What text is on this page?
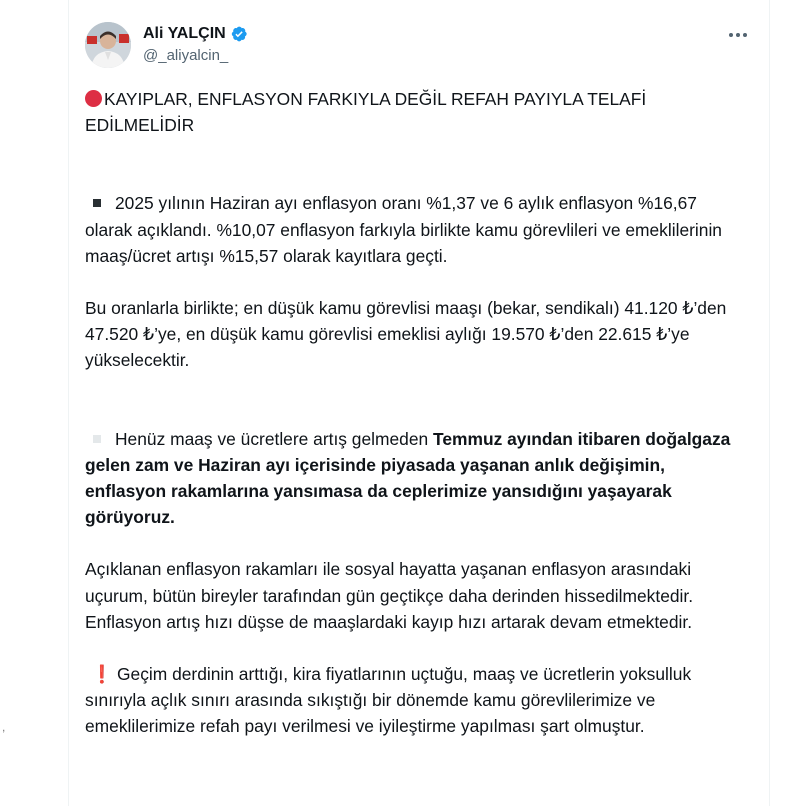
Ali YALÇIN
@_aliyalcin_

KAYIPLAR, ENFLASYON FARKIYLA DEĞİL REFAH PAYIYLA TELAFİ
EDİLMELİDİR

2025 yılının Haziran ayı enflasyon oranı %1,37 ve 6 aylık enflasyon %16,67 olarak açıklandı. %10,07 enflasyon farkıyla birlikte kamu görevlileri ve emeklilerinin maaş/ücret artışı %15,57 olarak kayıtlara geçti.

Bu oranlarla birlikte; en düşük kamu görevlisi maaşı (bekar, sendikalı) 41.120 ₺’den 47.520 ₺’ye, en düşük kamu görevlisi emeklisi aylığı 19.570 ₺’den 22.615 ₺’ye yükselecektir.

Henüz maaş ve ücretlere artış gelmeden Temmuz ayından itibaren doğalgaza gelen zam ve Haziran ayı içerisinde piyasada yaşanan anlık değişimin, enflasyon rakamlarına yansımasa da ceplerimize yansıdığını yaşayarak görüyoruz.

Açıklanan enflasyon rakamları ile sosyal hayatta yaşanan enflasyon arasındaki uçurum, bütün bireyler tarafından gün geçtikçe daha derinden hissedilmektedir. Enflasyon artış hızı düşse de maaşlardaki kayıp hızı artarak devam etmektedir.

❗ Geçim derdinin arttığı, kira fiyatlarının uçtuğu, maaş ve ücretlerin yoksulluk sınırıyla açlık sınırı arasında sıkıştığı bir dönemde kamu görevlilerimize ve emeklilerimize refah payı verilmesi ve iyileştirme yapılması şart olmuştur.

,
